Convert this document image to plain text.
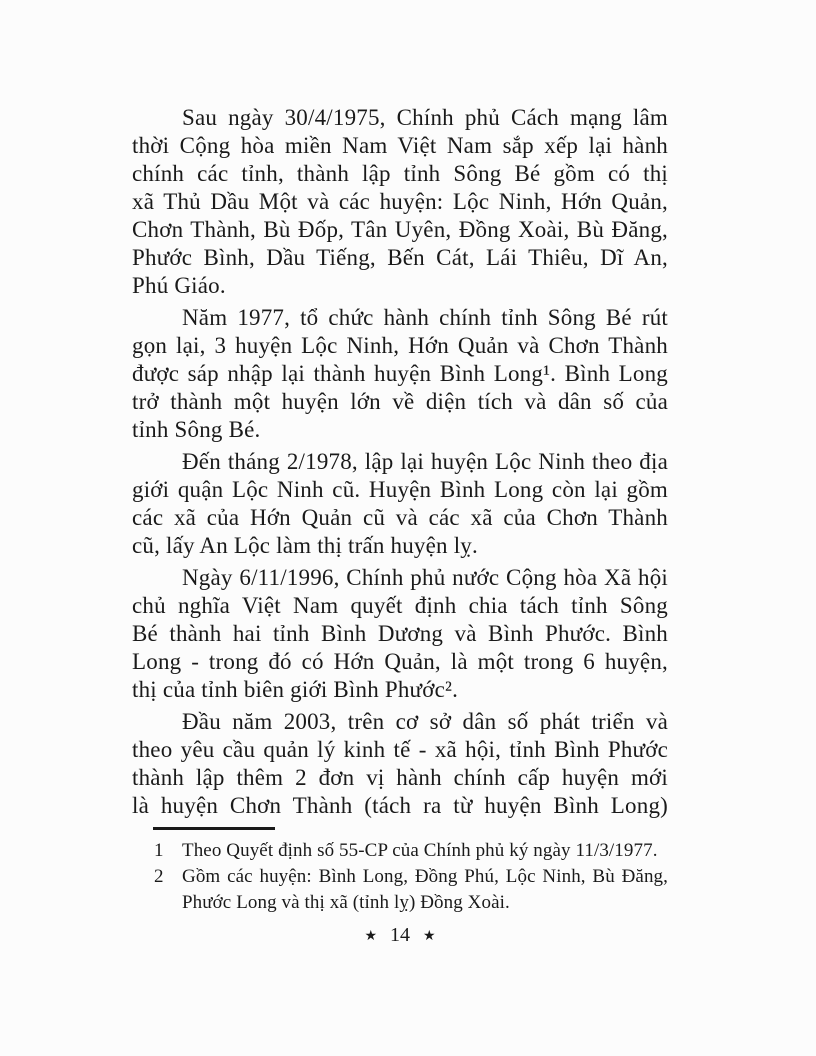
Sau ngày 30/4/1975, Chính phủ Cách mạng lâm
thời Cộng hòa miền Nam Việt Nam sắp xếp lại hành
chính các tỉnh, thành lập tỉnh Sông Bé gồm có thị
xã Thủ Dầu Một và các huyện: Lộc Ninh, Hớn Quản,
Chơn Thành, Bù Đốp, Tân Uyên, Đồng Xoài, Bù Đăng,
Phước Bình, Dầu Tiếng, Bến Cát, Lái Thiêu, Dĩ An,
Phú Giáo.
Năm 1977, tổ chức hành chính tỉnh Sông Bé rút
gọn lại, 3 huyện Lộc Ninh, Hớn Quản và Chơn Thành
được sáp nhập lại thành huyện Bình Long¹. Bình Long
trở thành một huyện lớn về diện tích và dân số của
tỉnh Sông Bé.
Đến tháng 2/1978, lập lại huyện Lộc Ninh theo địa
giới quận Lộc Ninh cũ. Huyện Bình Long còn lại gồm
các xã của Hớn Quản cũ và các xã của Chơn Thành
cũ, lấy An Lộc làm thị trấn huyện lỵ.
Ngày 6/11/1996, Chính phủ nước Cộng hòa Xã hội
chủ nghĩa Việt Nam quyết định chia tách tỉnh Sông
Bé thành hai tỉnh Bình Dương và Bình Phước. Bình
Long - trong đó có Hớn Quản, là một trong 6 huyện,
thị của tỉnh biên giới Bình Phước².
Đầu năm 2003, trên cơ sở dân số phát triển và
theo yêu cầu quản lý kinh tế - xã hội, tỉnh Bình Phước
thành lập thêm 2 đơn vị hành chính cấp huyện mới
là huyện Chơn Thành (tách ra từ huyện Bình Long)
1 Theo Quyết định số 55-CP của Chính phủ ký ngày 11/3/1977.
2 Gồm các huyện: Bình Long, Đồng Phú, Lộc Ninh, Bù Đăng,
Phước Long và thị xã (tỉnh lỵ) Đồng Xoài.
★ 14 ★
